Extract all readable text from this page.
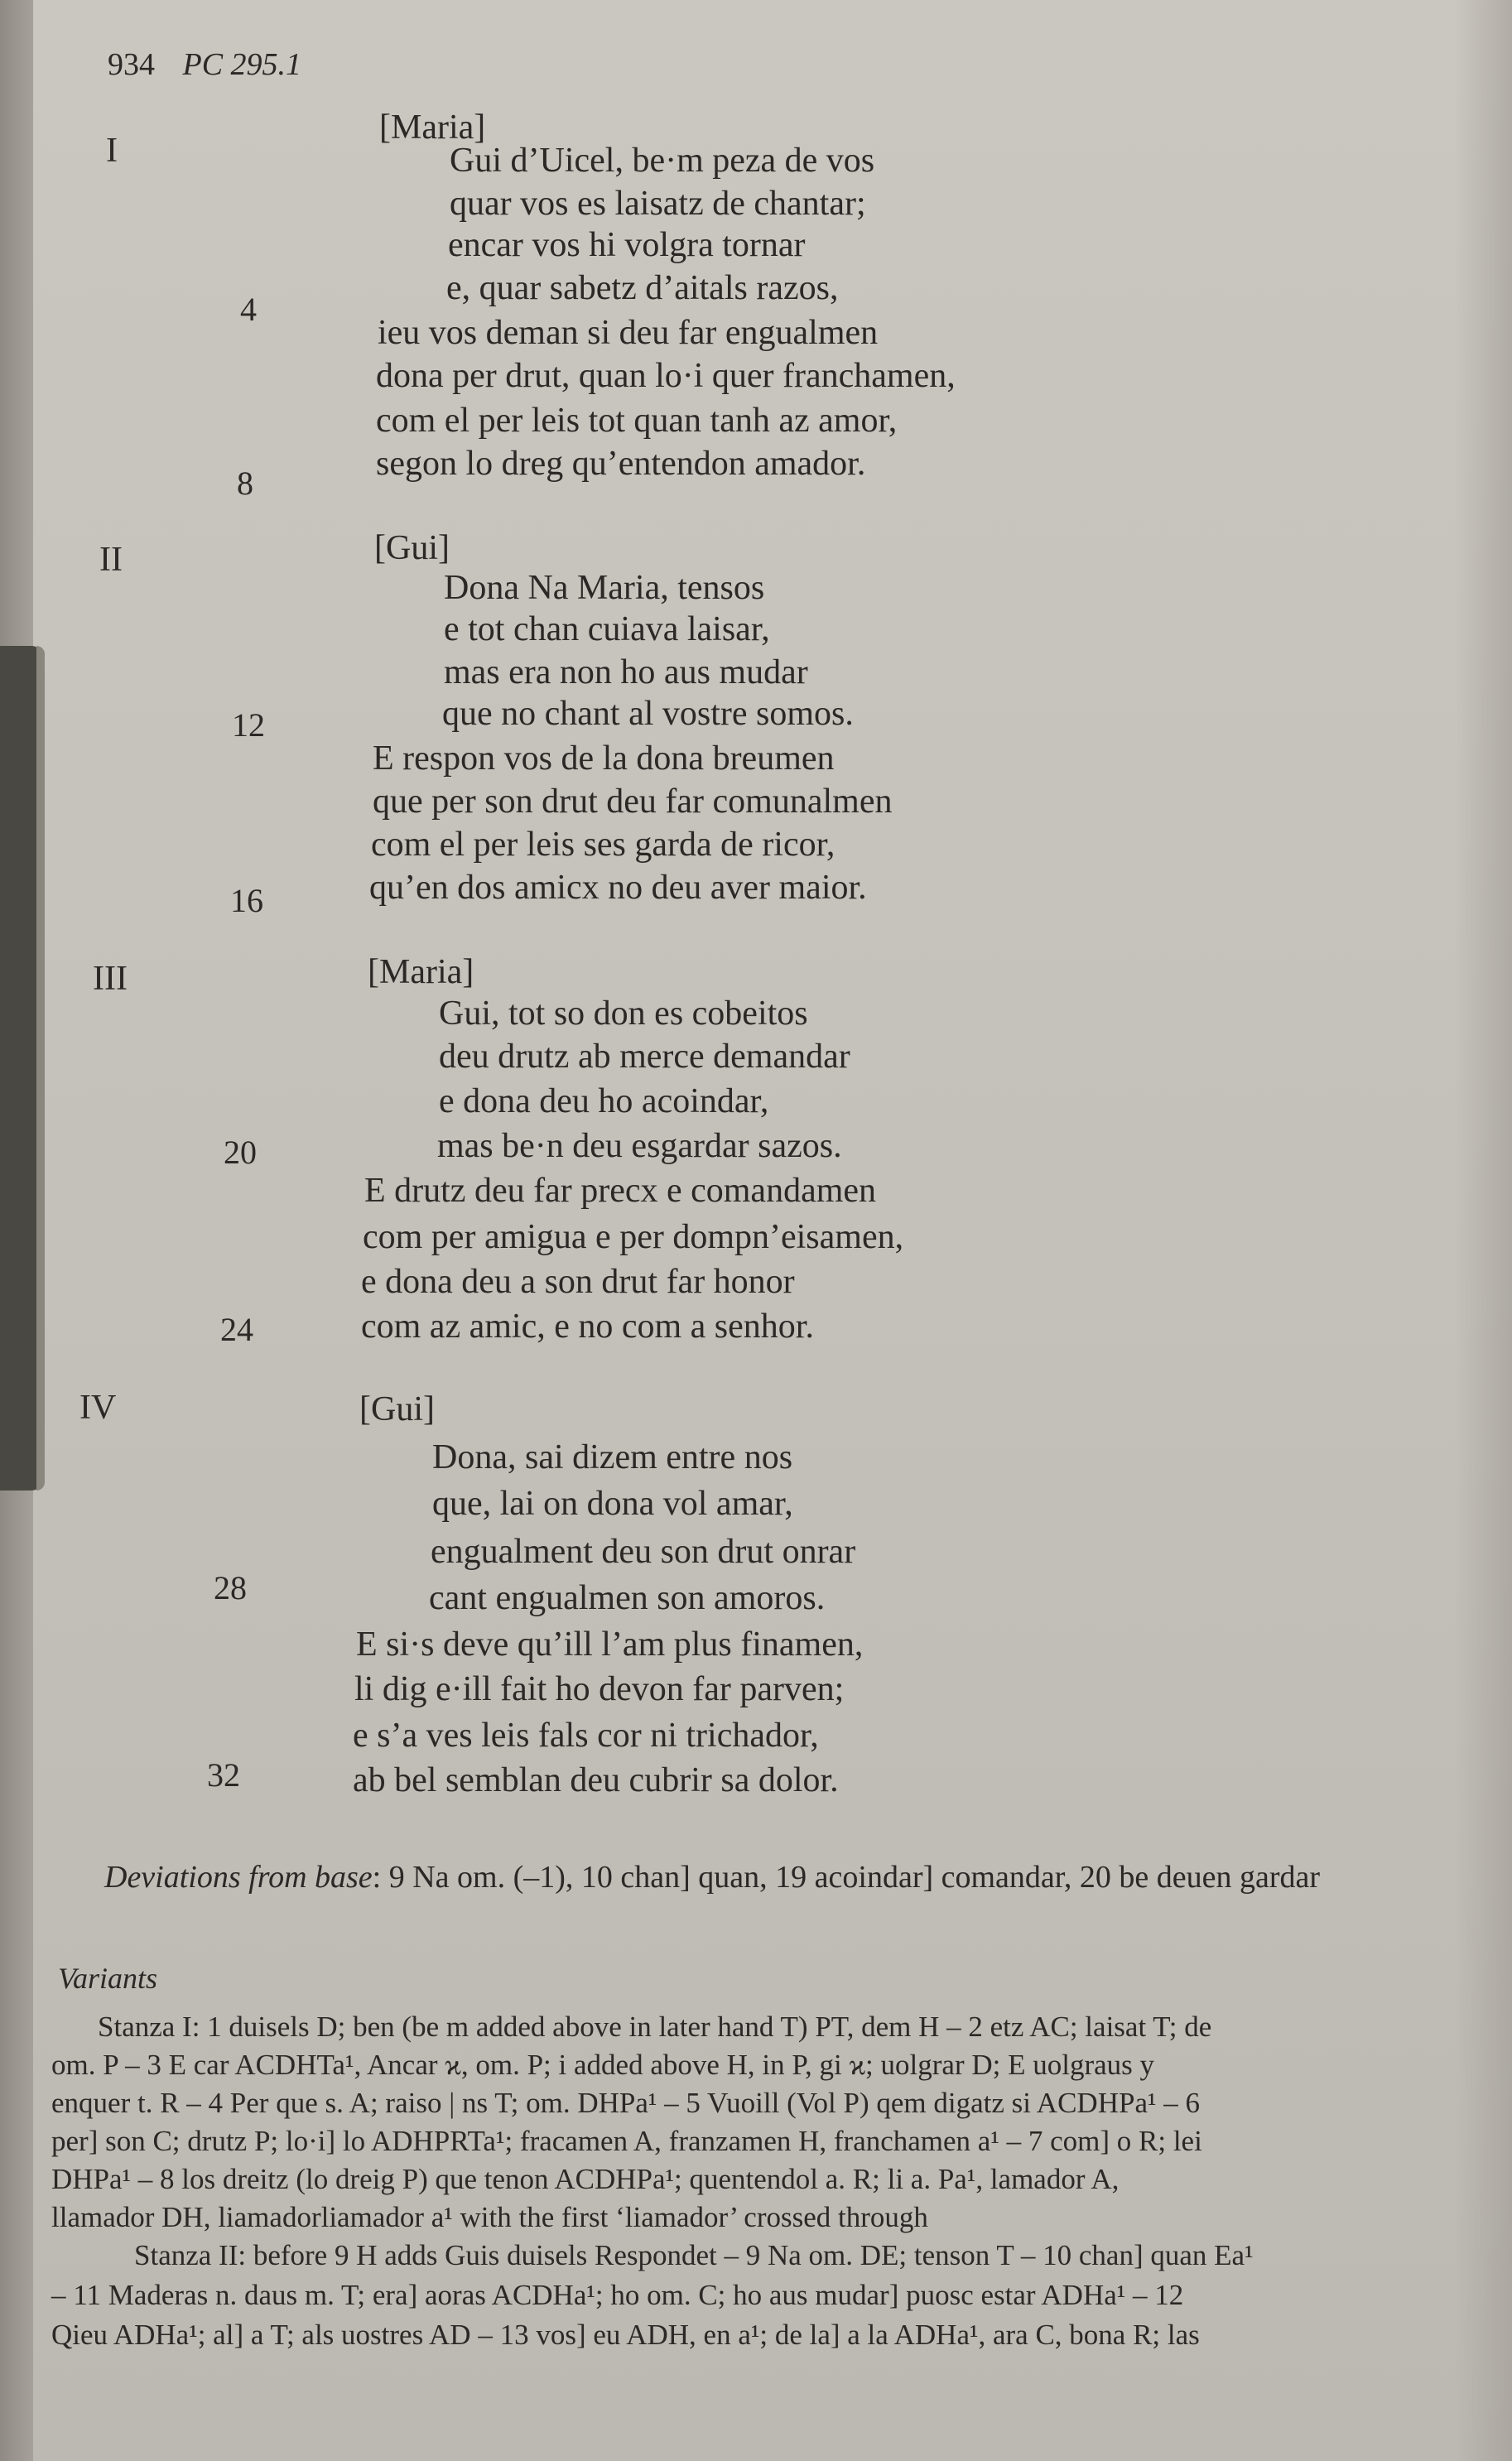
934 PC 295.1
I
[Maria]
Gui d’Uicel, be·m peza de vos
quar vos es laisatz de chantar;
encar vos hi volgra tornar
4
e, quar sabetz d’aitals razos,
ieu vos deman si deu far engualmen
dona per drut, quan lo·i quer franchamen,
com el per leis tot quan tanh az amor,
8
segon lo dreg qu’entendon amador.
II	[Gui]
Dona Na Maria, tensos
e tot chan cuiava laisar,
mas era non ho aus mudar
12	que no chant al vostre somos.
E respon vos de la dona breumen
que per son drut deu far comunalmen
com el per leis ses garda de ricor,
16	qu’en dos amicx no deu aver maior.
III	[Maria]
Gui, tot so don es cobeitos
deu drutz ab merce demandar
e dona deu ho acoindar,
20	mas be·n deu esgardar sazos.
E drutz deu far precx e comandamen
com per amigua e per dompn’eisamen,
e dona deu a son drut far honor
24	com az amic, e no com a senhor.
IV	[Gui]
Dona, sai dizem entre nos
que, lai on dona vol amar,
engualment deu son drut onrar
28	cant engualmen son amoros.
E si·s deve qu’ill l’am plus finamen,
li dig e·ill fait ho devon far parven;
e s’a ves leis fals cor ni trichador,
32	ab bel semblan deu cubrir sa dolor.
Deviations from base: 9 Na om. (–1), 10 chan] quan, 19 acoindar] comandar, 20 be deuen gardar
Variants
Stanza I: 1 duisels D; ben (be m added above in later hand T) PT, dem H – 2 etz AC; laisat T; de
om. P – 3 E car ACDHTa¹, Ancar ϰ, om. P; i added above H, in P, gi ϰ; uolgrar D; E uolgraus y
enquer t. R – 4 Per que s. A; raiso | ns T; om. DHPa¹ – 5 Vuoill (Vol P) qem digatz si ACDHPa¹ – 6
per] son C; drutz P; lo·i] lo ADHPRTa¹; fracamen A, franzamen H, franchamen a¹ – 7 com] o R; lei
DHPa¹ – 8 los dreitz (lo dreig P) que tenon ACDHPa¹; quentendol a. R; li a. Pa¹, lamador A,
llamador DH, liamadorliamador a¹ with the first ‘liamador’ crossed through
Stanza II: before 9 H adds Guis duisels Respondet – 9 Na om. DE; tenson T – 10 chan] quan Ea¹
– 11 Maderas n. daus m. T; era] aoras ACDHa¹; ho om. C; ho aus mudar] puosc estar ADHa¹ – 12
Qieu ADHa¹; al] a T; als uostres AD – 13 vos] eu ADH, en a¹; de la] a la ADHa¹, ara C, bona R; las
